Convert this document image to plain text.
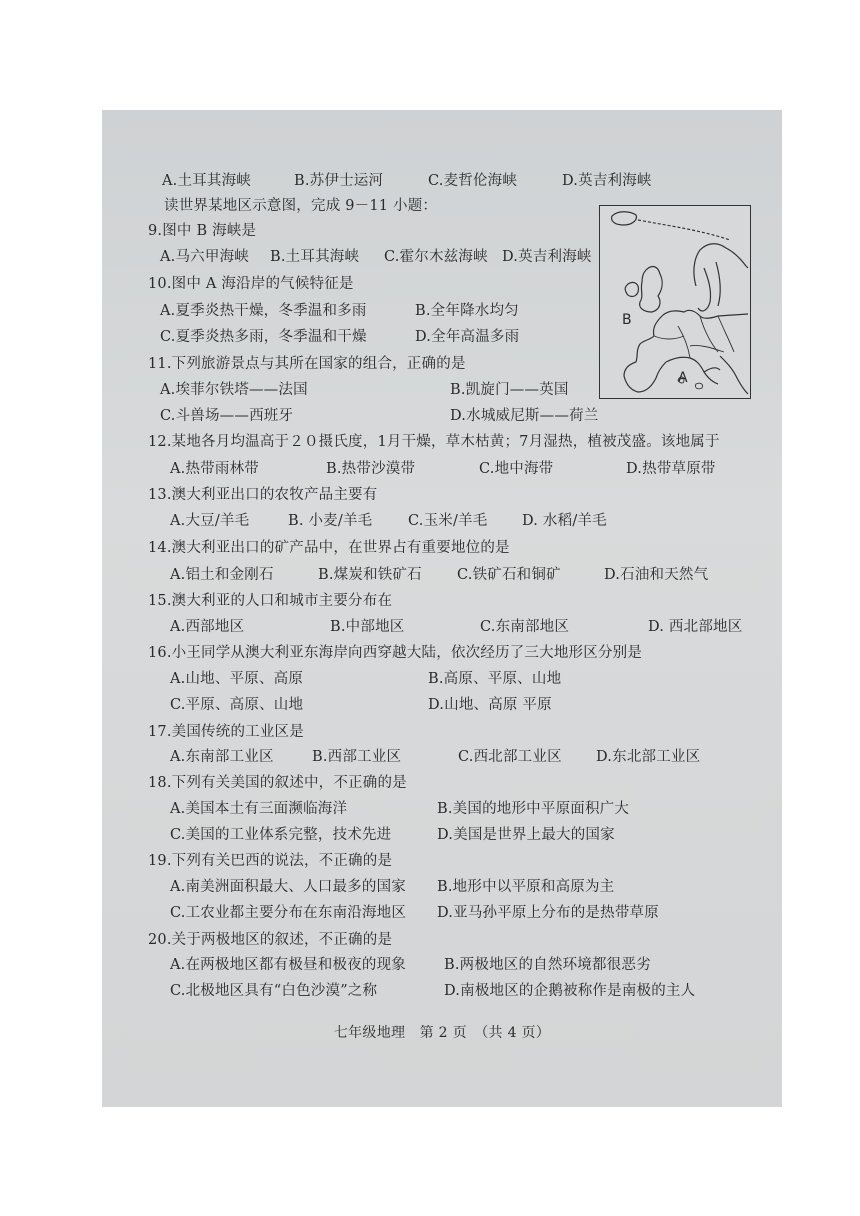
A.土耳其海峡	B.苏伊士运河	C.麦哲伦海峡	D.英吉利海峡
读世界某地区示意图，完成 9－11 小题：
9.图中 B 海峡是
A.马六甲海峡 B.土耳其海峡 C.霍尔木兹海峡 D.英吉利海峡
10.图中 A 海沿岸的气候特征是
A.夏季炎热干燥，冬季温和多雨	B.全年降水均匀
C.夏季炎热多雨，冬季温和干燥	D.全年高温多雨
11.下列旅游景点与其所在国家的组合，正确的是
A.埃菲尔铁塔——法国	B.凯旋门——英国
C.斗兽场——西班牙	D.水城威尼斯——荷兰
12.某地各月均温高于２０摄氏度，1月干燥，草木枯黄；7月湿热，植被茂盛。该地属于
A.热带雨林带	B.热带沙漠带	C.地中海带	D.热带草原带
13.澳大利亚出口的农牧产品主要有
A.大豆/羊毛	B. 小麦/羊毛 C.玉米/羊毛 D. 水稻/羊毛
14.澳大利亚出口的矿产品中，在世界占有重要地位的是
A.铝土和金刚石	B.煤炭和铁矿石 C.铁矿石和铜矿	D.石油和天然气
15.澳大利亚的人口和城市主要分布在
A.西部地区	B.中部地区	C.东南部地区	D. 西北部地区
16.小王同学从澳大利亚东海岸向西穿越大陆，依次经历了三大地形区分别是
A.山地、平原、高原	B.高原、平原、山地
C.平原、高原、山地	D.山地、高原 平原
17.美国传统的工业区是
A.东南部工业区	B.西部工业区	C.西北部工业区 D.东北部工业区
18.下列有关美国的叙述中，不正确的是
A.美国本土有三面濒临海洋	B.美国的地形中平原面积广大
C.美国的工业体系完整，技术先进	D.美国是世界上最大的国家
19.下列有关巴西的说法，不正确的是
A.南美洲面积最大、人口最多的国家 B.地形中以平原和高原为主
C.工农业都主要分布在东南沿海地区 D.亚马孙平原上分布的是热带草原
20.关于两极地区的叙述，不正确的是
A.在两极地区都有极昼和极夜的现象	B.两极地区的自然环境都很恶劣
C.北极地区具有“白色沙漠”之称	D.南极地区的企鹅被称作是南极的主人
B
A
七年级地理　第 2 页　（共 4 页）
